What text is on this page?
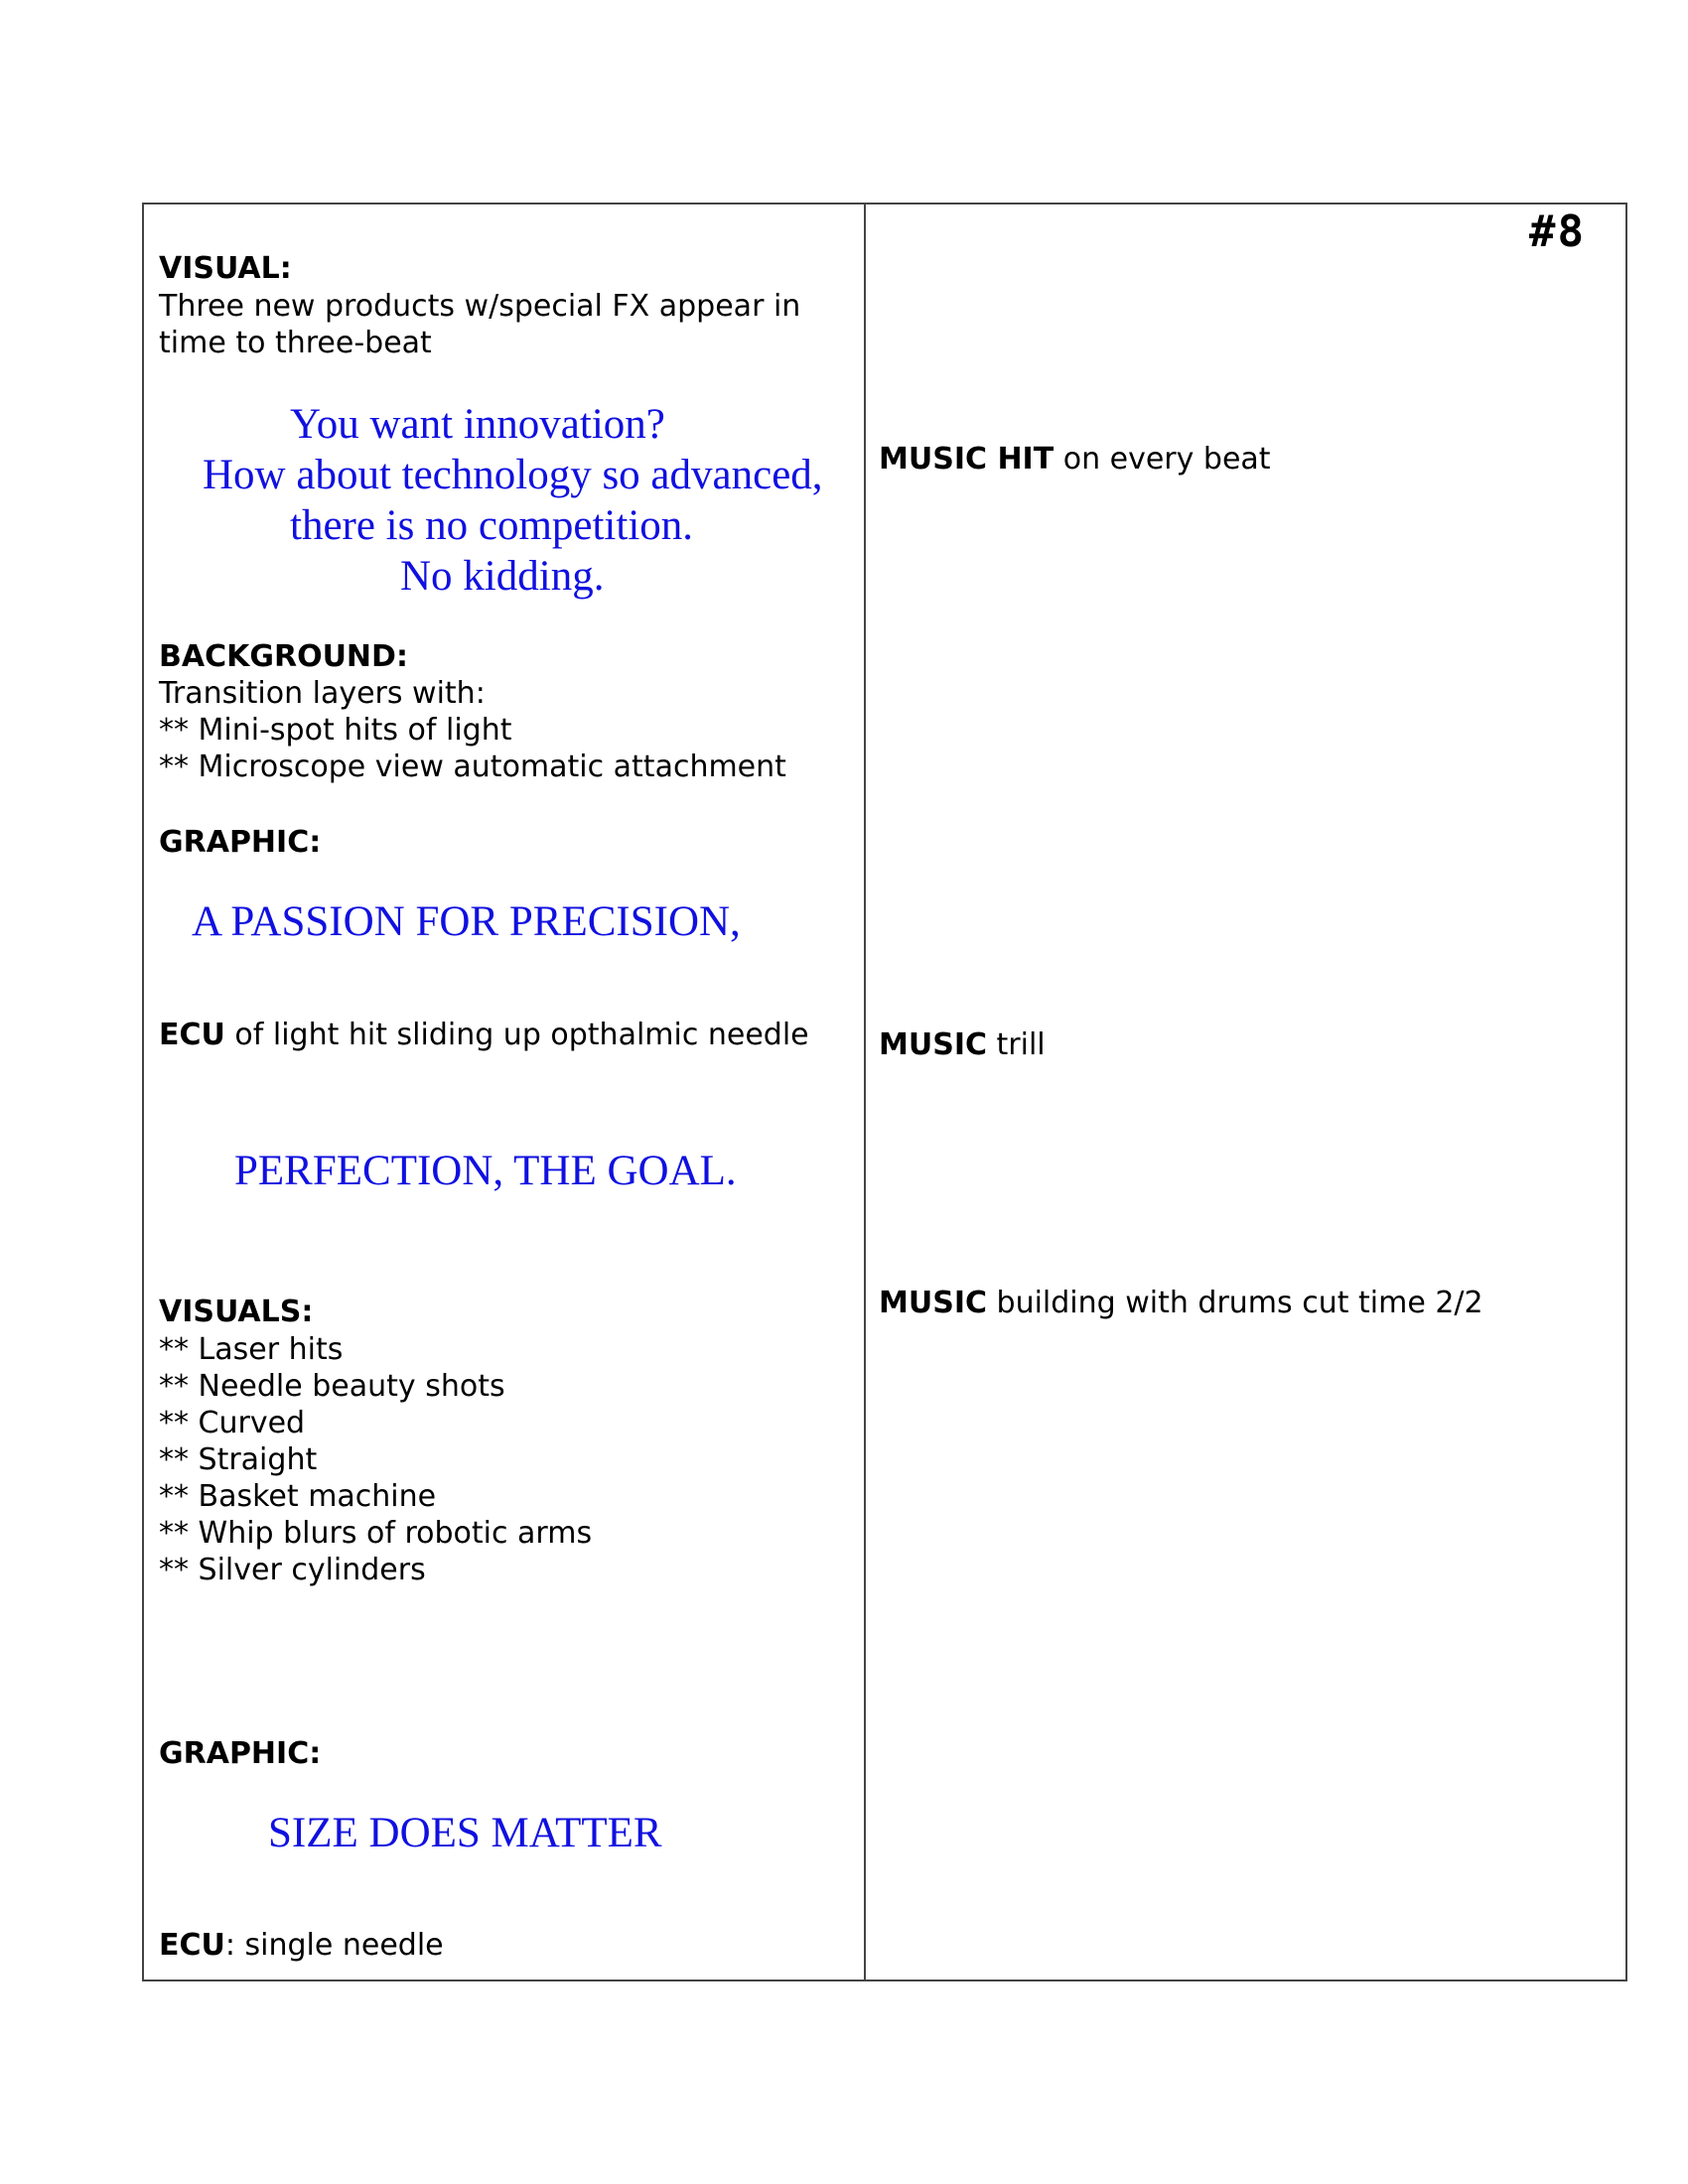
VISUAL:

Three new products w/special FX appear in

time to three-beat

You want innovation?

How about technology so advanced,

there is no competition.

No kidding.

BACKGROUND:

Transition layers with:

** Mini-spot hits of light

** Microscope view automatic attachment

GRAPHIC:

A PASSION FOR PRECISION,

ECU of light hit sliding up opthalmic needle

PERFECTION, THE GOAL.

VISUALS:

** Laser hits

** Needle beauty shots

** Curved

** Straight

** Basket machine

** Whip blurs of robotic arms

** Silver cylinders

GRAPHIC:

SIZE DOES MATTER

ECU: single needle

#8

MUSIC HIT on every beat

MUSIC trill

MUSIC building with drums cut time 2/2
